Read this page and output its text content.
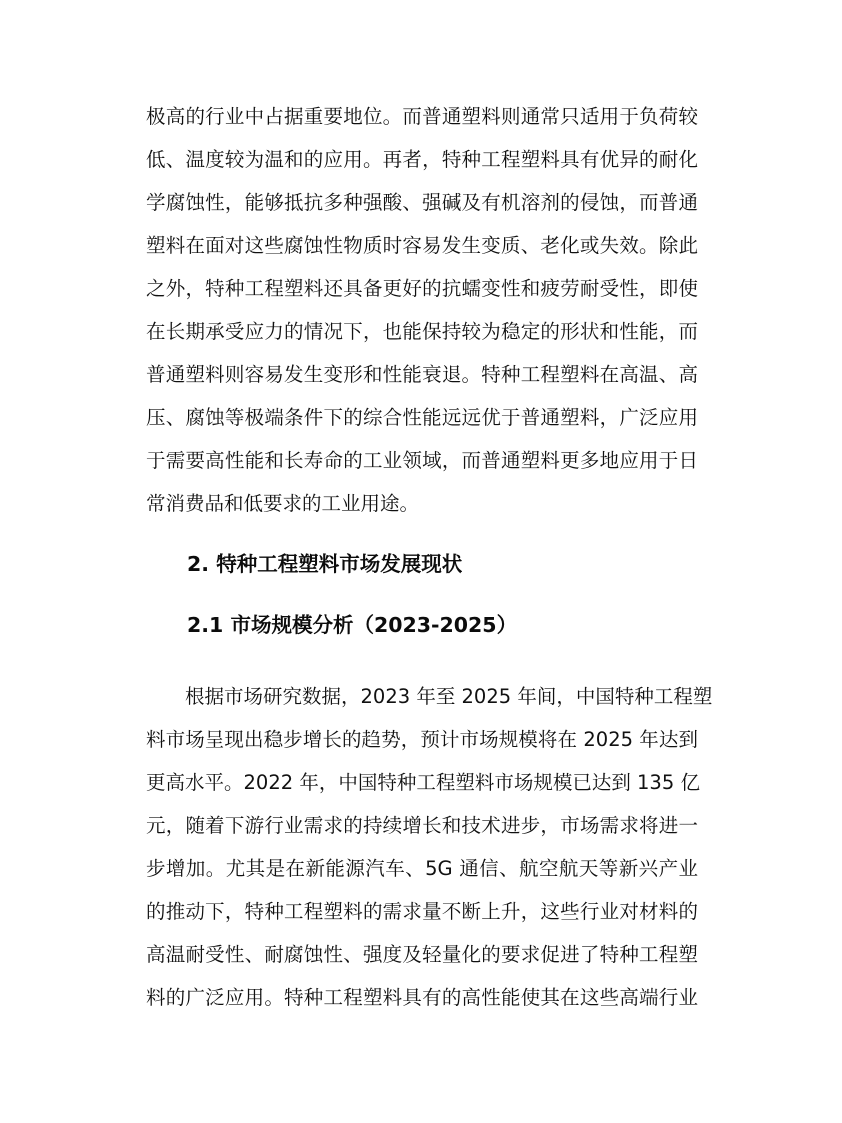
极高的行业中占据重要地位。而普通塑料则通常只适用于负荷较
低、温度较为温和的应用。再者，特种工程塑料具有优异的耐化
学腐蚀性，能够抵抗多种强酸、强碱及有机溶剂的侵蚀，而普通
塑料在面对这些腐蚀性物质时容易发生变质、老化或失效。除此
之外，特种工程塑料还具备更好的抗蠕变性和疲劳耐受性，即使
在长期承受应力的情况下，也能保持较为稳定的形状和性能，而
普通塑料则容易发生变形和性能衰退。特种工程塑料在高温、高
压、腐蚀等极端条件下的综合性能远远优于普通塑料，广泛应用
于需要高性能和长寿命的工业领域，而普通塑料更多地应用于日
常消费品和低要求的工业用途。
2. 特种工程塑料市场发展现状
2.1 市场规模分析（2023-2025）
　　根据市场研究数据，2023 年至 2025 年间，中国特种工程塑
料市场呈现出稳步增长的趋势，预计市场规模将在 2025 年达到
更高水平。2022 年，中国特种工程塑料市场规模已达到 135 亿
元，随着下游行业需求的持续增长和技术进步，市场需求将进一
步增加。尤其是在新能源汽车、5G 通信、航空航天等新兴产业
的推动下，特种工程塑料的需求量不断上升，这些行业对材料的
高温耐受性、耐腐蚀性、强度及轻量化的要求促进了特种工程塑
料的广泛应用。特种工程塑料具有的高性能使其在这些高端行业
